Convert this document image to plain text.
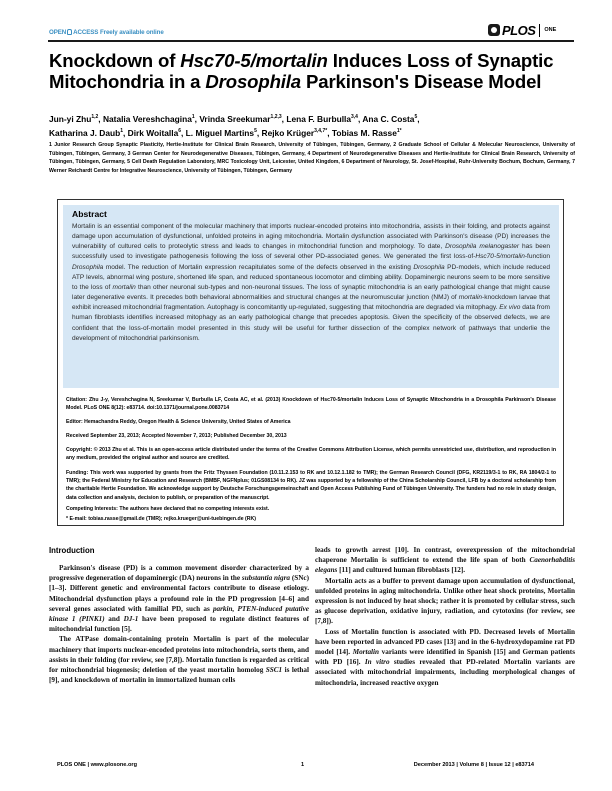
OPEN ACCESS Freely available online	PLOS ONE
Knockdown of Hsc70-5/mortalin Induces Loss of Synaptic Mitochondria in a Drosophila Parkinson's Disease Model
Jun-yi Zhu$^{1,2}$, Natalia Vereshchagina$^1$, Vrinda Sreekumar$^{1,2,3}$, Lena F. Burbulla$^{3,4}$, Ana C. Costa$^5$,
Katharina J. Daub$^1$, Dirk Woitalla$^6$, L. Miguel Martins$^5$, Rejko Krüger$^{3,4,7*}$, Tobias M. Rasse$^{1*}$
1 Junior Research Group Synaptic Plasticity, Hertie-Institute for Clinical Brain Research, University of Tübingen, Tübingen, Germany, 2 Graduate School of Cellular & Molecular Neuroscience, University of Tübingen, Tübingen, Germany, 3 German Center for Neurodegenerative Diseases, Tübingen, Germany, 4 Department of Neurodegenerative Diseases and Hertie-Institute for Clinical Brain Research, University of Tübingen, Tübingen, Germany, 5 Cell Death Regulation Laboratory, MRC Toxicology Unit, Leicester, United Kingdom, 6 Department of Neurology, St. Josef-Hospital, Ruhr-University Bochum, Bochum, Germany, 7 Werner Reichardt Centre for Integrative Neuroscience, University of Tübingen, Tübingen, Germany
Abstract
Mortalin is an essential component of the molecular machinery that imports nuclear-encoded proteins into mitochondria, assists in their folding, and protects against damage upon accumulation of dysfunctional, unfolded proteins in aging mitochondria. Mortalin dysfunction associated with Parkinson's disease (PD) increases the vulnerability of cultured cells to proteolytic stress and leads to changes in mitochondrial function and morphology. To date, Drosophila melanogaster has been successfully used to investigate pathogenesis following the loss of several other PD-associated genes. We generated the first loss-of-Hsc70-5/mortalin-function Drosophila model. The reduction of Mortalin expression recapitulates some of the defects observed in the existing Drosophila PD-models, which include reduced ATP levels, abnormal wing posture, shortened life span, and reduced spontaneous locomotor and climbing ability. Dopaminergic neurons seem to be more sensitive to the loss of mortalin than other neuronal sub-types and non-neuronal tissues. The loss of synaptic mitochondria is an early pathological change that might cause later degenerative events. It precedes both behavioral abnormalities and structural changes at the neuromuscular junction (NMJ) of mortalin-knockdown larvae that exhibit increased mitochondrial fragmentation. Autophagy is concomitantly up-regulated, suggesting that mitochondria are degraded via mitophagy. Ex vivo data from human fibroblasts identifies increased mitophagy as an early pathological change that precedes apoptosis. Given the specificity of the observed defects, we are confident that the loss-of-mortalin model presented in this study will be useful for further dissection of the complex network of pathways that underlie the development of mitochondrial parkinsonism.
Citation: Zhu J-y, Vereshchagina N, Sreekumar V, Burbulla LF, Costa AC, et al. (2013) Knockdown of Hsc70-5/mortalin Induces Loss of Synaptic Mitochondria in a Drosophila Parkinson's Disease Model. PLoS ONE 8(12): e83714. doi:10.1371/journal.pone.0083714
Editor: Hemachandra Reddy, Oregon Health & Science University, United States of America
Received September 23, 2013; Accepted November 7, 2013; Published December 30, 2013
Copyright: © 2013 Zhu et al. This is an open-access article distributed under the terms of the Creative Commons Attribution License, which permits unrestricted use, distribution, and reproduction in any medium, provided the original author and source are credited.
Funding: This work was supported by grants from the Fritz Thyssen Foundation (10.11.2.153 to RK and 10.12.1.182 to TMR); the German Research Council (DFG, KR2119/3-1 to RK, RA 1804/2-1 to TMR); the Federal Ministry for Education and Research (BMBF, NGFNplus; 01GS08134 to RK). JZ was supported by a fellowship of the China Scholarship Council, LFB by a doctoral scholarship from the charitable Hertie Foundation. We acknowledge support by Deutsche Forschungsgemeinschaft and Open Access Publishing Fund of Tübingen University. The funders had no role in study design, data collection and analysis, decision to publish, or preparation of the manuscript.
Competing Interests: The authors have declared that no competing interests exist.
* E-mail: tobias.rasse@gmail.de (TMR); rejko.krueger@uni-tuebingen.de (RK)
Introduction

Parkinson's disease (PD) is a common movement disorder characterized by a progressive degeneration of dopaminergic (DA) neurons in the substantia nigra (SNc) [1–3]. Different genetic and environmental factors contribute to disease etiology. Mitochondrial dysfunction plays a profound role in the PD progression [4–6] and several genes associated with familial PD, such as parkin, PTEN-induced putative kinase 1 (PINK1) and DJ-1 have been proposed to regulate distinct features of mitochondrial function [5].

The ATPase domain-containing protein Mortalin is part of the molecular machinery that imports nuclear-encoded proteins into mitochondria, sorts them, and assists in their folding (for review, see [7,8]). Mortalin function is regarded as critical for mitochondrial biogenesis; deletion of the yeast mortalin homolog SSC1 is lethal [9], and knockdown of mortalin in immortalized human cells

leads to growth arrest [10]. In contrast, overexpression of the mitochondrial chaperone Mortalin is sufficient to extend the life span of both Caenorhabditis elegans [11] and cultured human fibroblasts [12].

Mortalin acts as a buffer to prevent damage upon accumulation of dysfunctional, unfolded proteins in aging mitochondria. Unlike other heat shock proteins, Mortalin expression is not induced by heat shock; rather it is promoted by cellular stress, such as glucose deprivation, oxidative injury, radiation, and cytotoxins (for review, see [7,8]).

Loss of Mortalin function is associated with PD. Decreased levels of Mortalin have been reported in advanced PD cases [13] and in the 6-hydroxydopamine rat PD model [14]. Mortalin variants were identified in Spanish [15] and German patients with PD [16]. In vitro studies revealed that PD-related Mortalin variants are associated with mitochondrial impairments, including morphological changes of mitochondria, increased reactive oxygen

PLOS ONE | www.plosone.org	1	December 2013 | Volume 8 | Issue 12 | e83714
